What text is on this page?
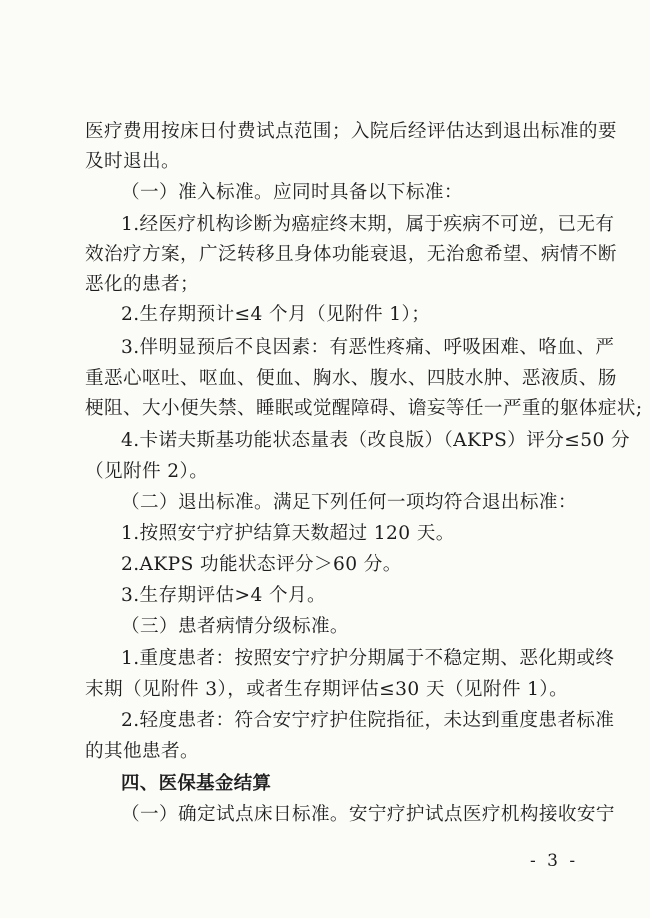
医疗费用按床日付费试点范围；入院后经评估达到退出标准的要
及时退出。
（一）准入标准。应同时具备以下标准：
1.经医疗机构诊断为癌症终末期，属于疾病不可逆，已无有
效治疗方案，广泛转移且身体功能衰退，无治愈希望、病情不断
恶化的患者；
2.生存期预计≤4 个月（见附件 1）；
3.伴明显预后不良因素：有恶性疼痛、呼吸困难、咯血、严
重恶心呕吐、呕血、便血、胸水、腹水、四肢水肿、恶液质、肠
梗阻、大小便失禁、睡眠或觉醒障碍、谵妄等任一严重的躯体症状;
4.卡诺夫斯基功能状态量表（改良版）（AKPS）评分≤50 分
（见附件 2）。
（二）退出标准。满足下列任何一项均符合退出标准：
1.按照安宁疗护结算天数超过 120 天。
2.AKPS 功能状态评分＞60 分。
3.生存期评估>4 个月。
（三）患者病情分级标准。
1.重度患者：按照安宁疗护分期属于不稳定期、恶化期或终
末期（见附件 3），或者生存期评估≤30 天（见附件 1）。
2.轻度患者：符合安宁疗护住院指征，未达到重度患者标准
的其他患者。
四、医保基金结算
（一）确定试点床日标准。安宁疗护试点医疗机构接收安宁
- 3 -
